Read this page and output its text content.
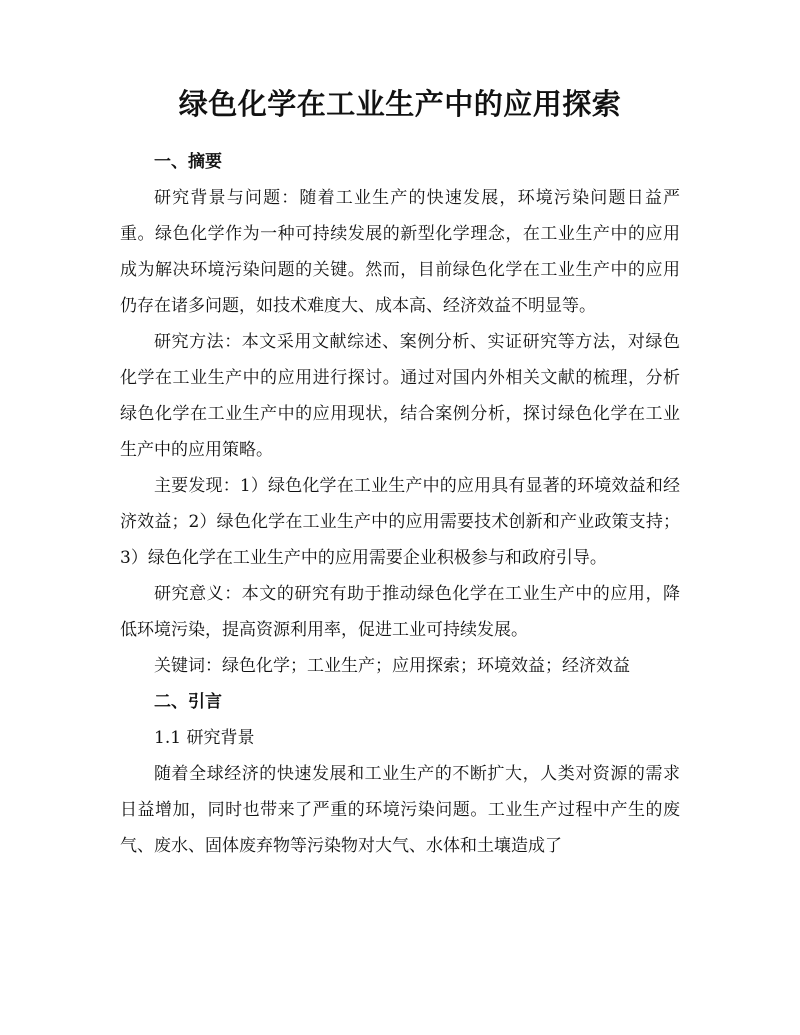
绿色化学在工业生产中的应用探索
一、摘要

研究背景与问题：随着工业生产的快速发展，环境污染问题日益严重。绿色化学作为一种可持续发展的新型化学理念，在工业生产中的应用成为解决环境污染问题的关键。然而，目前绿色化学在工业生产中的应用仍存在诸多问题，如技术难度大、成本高、经济效益不明显等。

研究方法：本文采用文献综述、案例分析、实证研究等方法，对绿色化学在工业生产中的应用进行探讨。通过对国内外相关文献的梳理，分析绿色化学在工业生产中的应用现状，结合案例分析，探讨绿色化学在工业生产中的应用策略。

主要发现：1）绿色化学在工业生产中的应用具有显著的环境效益和经济效益；2）绿色化学在工业生产中的应用需要技术创新和产业政策支持；3）绿色化学在工业生产中的应用需要企业积极参与和政府引导。

研究意义：本文的研究有助于推动绿色化学在工业生产中的应用，降低环境污染，提高资源利用率，促进工业可持续发展。

关键词：绿色化学；工业生产；应用探索；环境效益；经济效益

二、引言

1.1 研究背景

随着全球经济的快速发展和工业生产的不断扩大，人类对资源的需求日益增加，同时也带来了严重的环境污染问题。工业生产过程中产生的废气、废水、固体废弃物等污染物对大气、水体和土壤造成了
